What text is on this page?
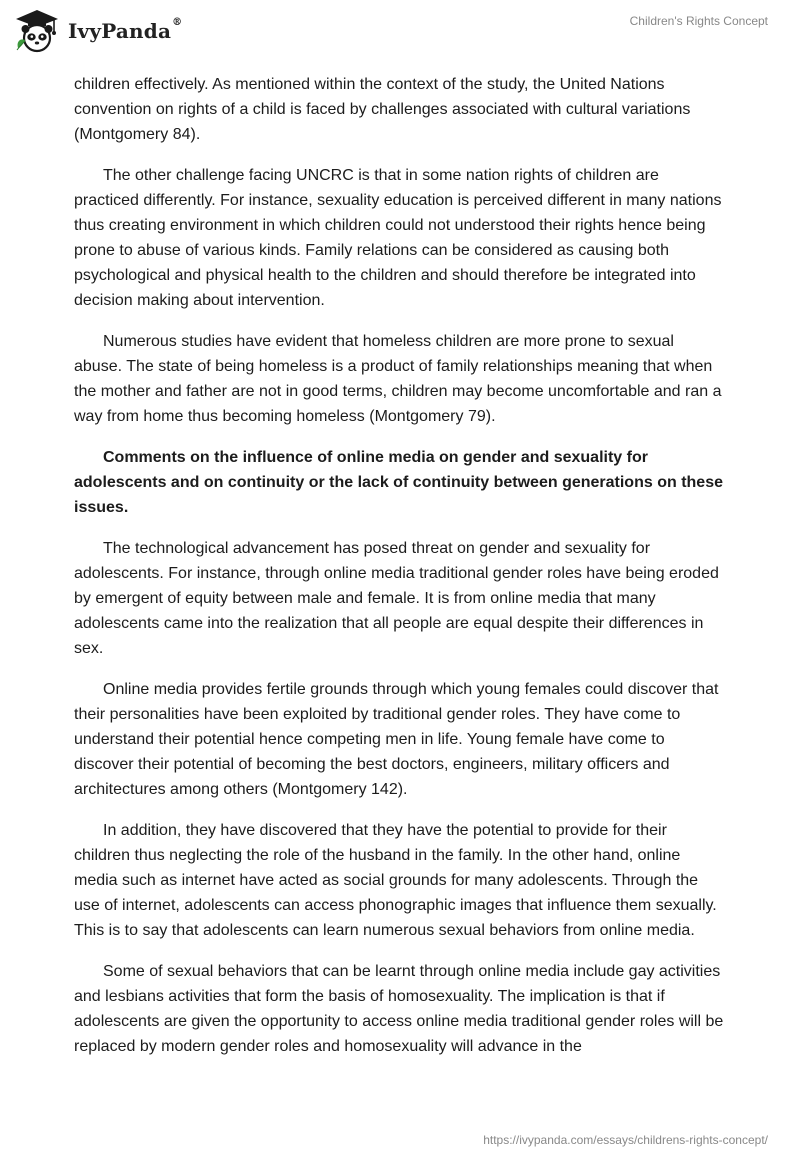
IvyPanda®	Children's Rights Concept

children effectively. As mentioned within the context of the study, the United Nations convention on rights of a child is faced by challenges associated with cultural variations (Montgomery 84).

The other challenge facing UNCRC is that in some nation rights of children are practiced differently. For instance, sexuality education is perceived different in many nations thus creating environment in which children could not understood their rights hence being prone to abuse of various kinds. Family relations can be considered as causing both psychological and physical health to the children and should therefore be integrated into decision making about intervention.

Numerous studies have evident that homeless children are more prone to sexual abuse. The state of being homeless is a product of family relationships meaning that when the mother and father are not in good terms, children may become uncomfortable and ran a way from home thus becoming homeless (Montgomery 79).

Comments on the influence of online media on gender and sexuality for adolescents and on continuity or the lack of continuity between generations on these issues.

The technological advancement has posed threat on gender and sexuality for adolescents. For instance, through online media traditional gender roles have being eroded by emergent of equity between male and female. It is from online media that many adolescents came into the realization that all people are equal despite their differences in sex.

Online media provides fertile grounds through which young females could discover that their personalities have been exploited by traditional gender roles. They have come to understand their potential hence competing men in life. Young female have come to discover their potential of becoming the best doctors, engineers, military officers and architectures among others (Montgomery 142).

In addition, they have discovered that they have the potential to provide for their children thus neglecting the role of the husband in the family. In the other hand, online media such as internet have acted as social grounds for many adolescents. Through the use of internet, adolescents can access phonographic images that influence them sexually. This is to say that adolescents can learn numerous sexual behaviors from online media.

Some of sexual behaviors that can be learnt through online media include gay activities and lesbians activities that form the basis of homosexuality. The implication is that if adolescents are given the opportunity to access online media traditional gender roles will be replaced by modern gender roles and homosexuality will advance in the

https://ivypanda.com/essays/childrens-rights-concept/
